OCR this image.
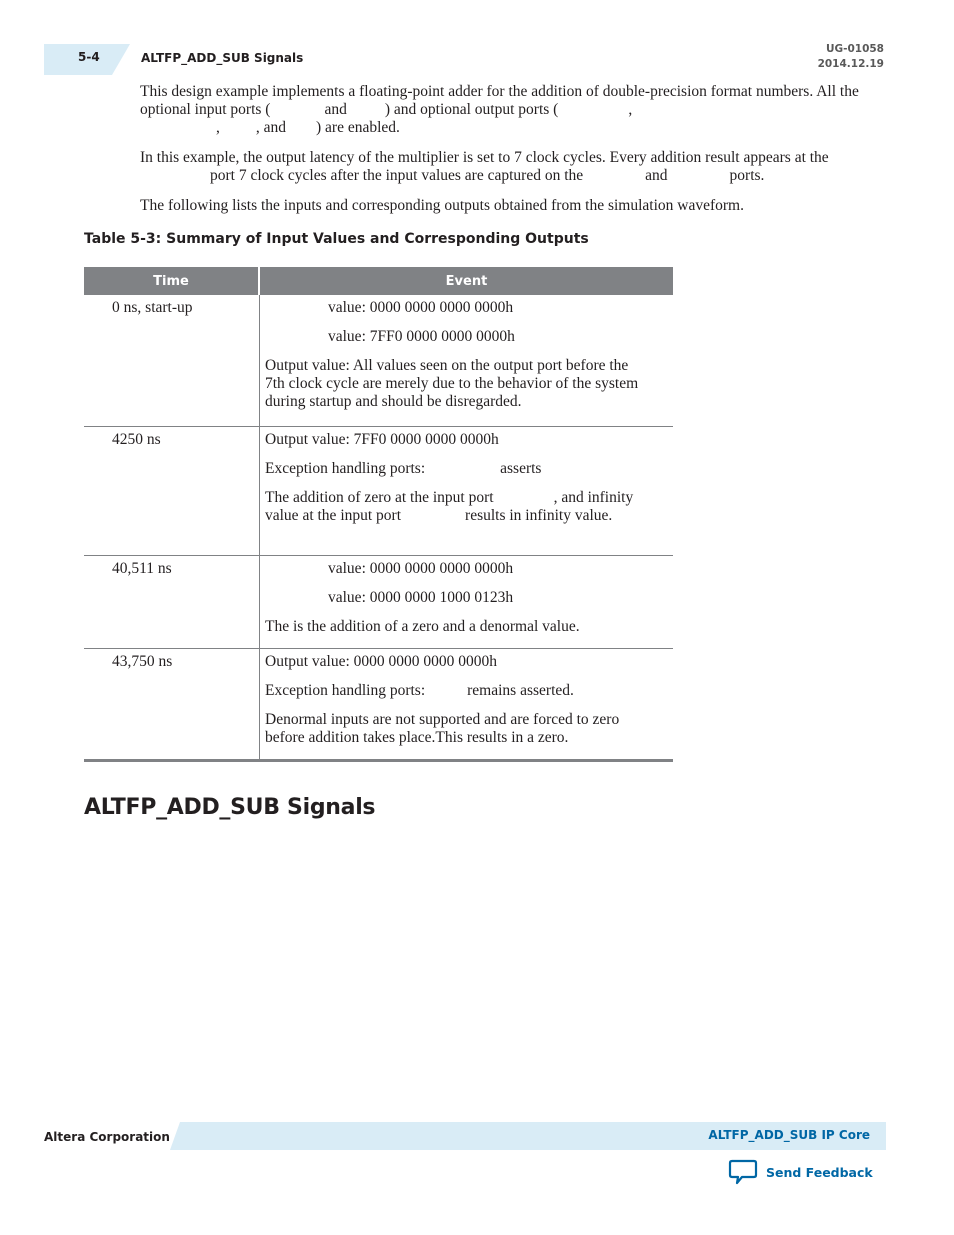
5-4	ALTFP_ADD_SUB Signals
UG-01058
2014.12.19

This design example implements a floating-point adder for the addition of double-precision format numbers. All the optional input ports (	and ) and optional output ports (	,
, , and ) are enabled.

In this example, the output latency of the multiplier is set to 7 clock cycles. Every addition result appears at theport 7 clock cycles after the input values are captured on the	and	ports.

The following lists the inputs and corresponding outputs obtained from the simulation waveform.

Table 5-3: Summary of Input Values and Corresponding Outputs
Time	Event
0 ns, start-up	value: 0000 0000 0000 0000h

value: 7FF0 0000 0000 0000h

Output value: All values seen on the output port before the 7th clock cycle are merely due to the behavior of the system during startup and should be disregarded.

4250 ns	Output value: 7FF0 0000 0000 0000h

Exception handling ports:	asserts

The addition of zero at the input port	, and infinity value at the input port	results in infinity value.

40,511 ns	value: 0000 0000 0000 0000h

value: 0000 0000 1000 0123h

The is the addition of a zero and a denormal value.

43,750 ns	Output value: 0000 0000 0000 0000h

Exception handling ports:	remains asserted.

Denormal inputs are not supported and are forced to zero before addition takes place.This results in a zero.

ALTFP_ADD_SUB Signals
Altera Corporation	ALTFP_ADD_SUB IP Core
Send Feedback
